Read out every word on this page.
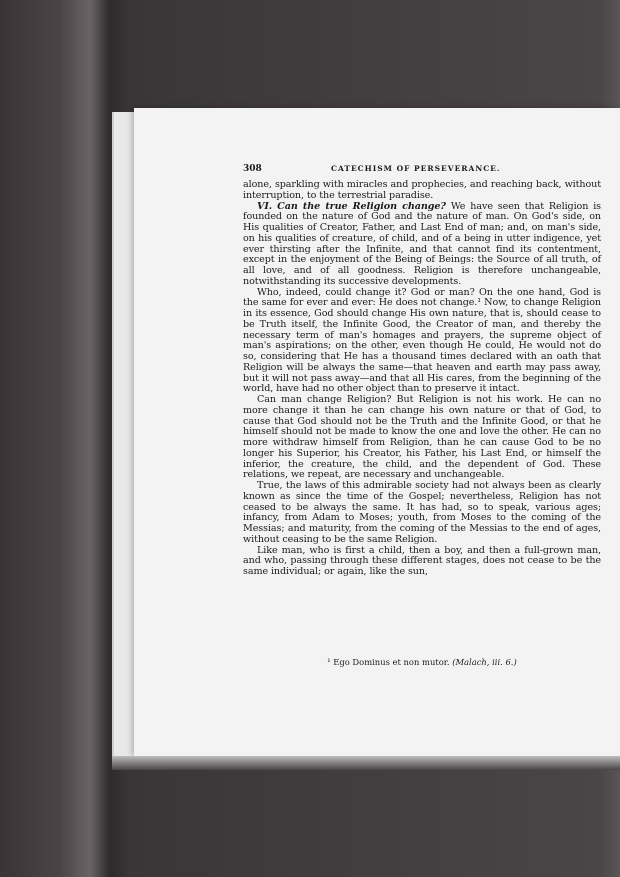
308	CATECHISM OF PERSEVERANCE.

alone, sparkling with miracles and prophecies, and reaching back, without interruption, to the terrestrial paradise.

VI. Can the true Religion change? We have seen that Religion is founded on the nature of God and the nature of man. On God's side, on His qualities of Creator, Father, and Last End of man; and, on man's side, on his qualities of creature, of child, and of a being in utter indigence, yet ever thirsting after the Infinite, and that cannot find its contentment, except in the enjoyment of the Being of Beings: the Source of all truth, of all love, and of all goodness. Religion is therefore unchangeable, notwithstanding its successive developments.

Who, indeed, could change it? God or man? On the one hand, God is the same for ever and ever: He does not change.¹ Now, to change Religion in its essence, God should change His own nature, that is, should cease to be Truth itself, the Infinite Good, the Creator of man, and thereby the necessary term of man's homages and prayers, the supreme object of man's aspirations; on the other, even though He could, He would not do so, considering that He has a thousand times declared with an oath that Religion will be always the same—that heaven and earth may pass away, but it will not pass away—and that all His cares, from the beginning of the world, have had no other object than to preserve it intact.

Can man change Religion? But Religion is not his work. He can no more change it than he can change his own nature or that of God, to cause that God should not be the Truth and the Infinite Good, or that he himself should not be made to know the one and love the other. He can no more withdraw himself from Religion, than he can cause God to be no longer his Superior, his Creator, his Father, his Last End, or himself the inferior, the creature, the child, and the dependent of God. These relations, we repeat, are necessary and unchangeable.

True, the laws of this admirable society had not always been as clearly known as since the time of the Gospel; nevertheless, Religion has not ceased to be always the same. It has had, so to speak, various ages; infancy, from Adam to Moses; youth, from Moses to the coming of the Messias; and maturity, from the coming of the Messias to the end of ages, without ceasing to be the same Religion.

Like man, who is first a child, then a boy, and then a full-grown man, and who, passing through these different stages, does not cease to be the same individual; or again, like the sun,

¹ Ego Dominus et non mutor. (Malach, iii. 6.)
